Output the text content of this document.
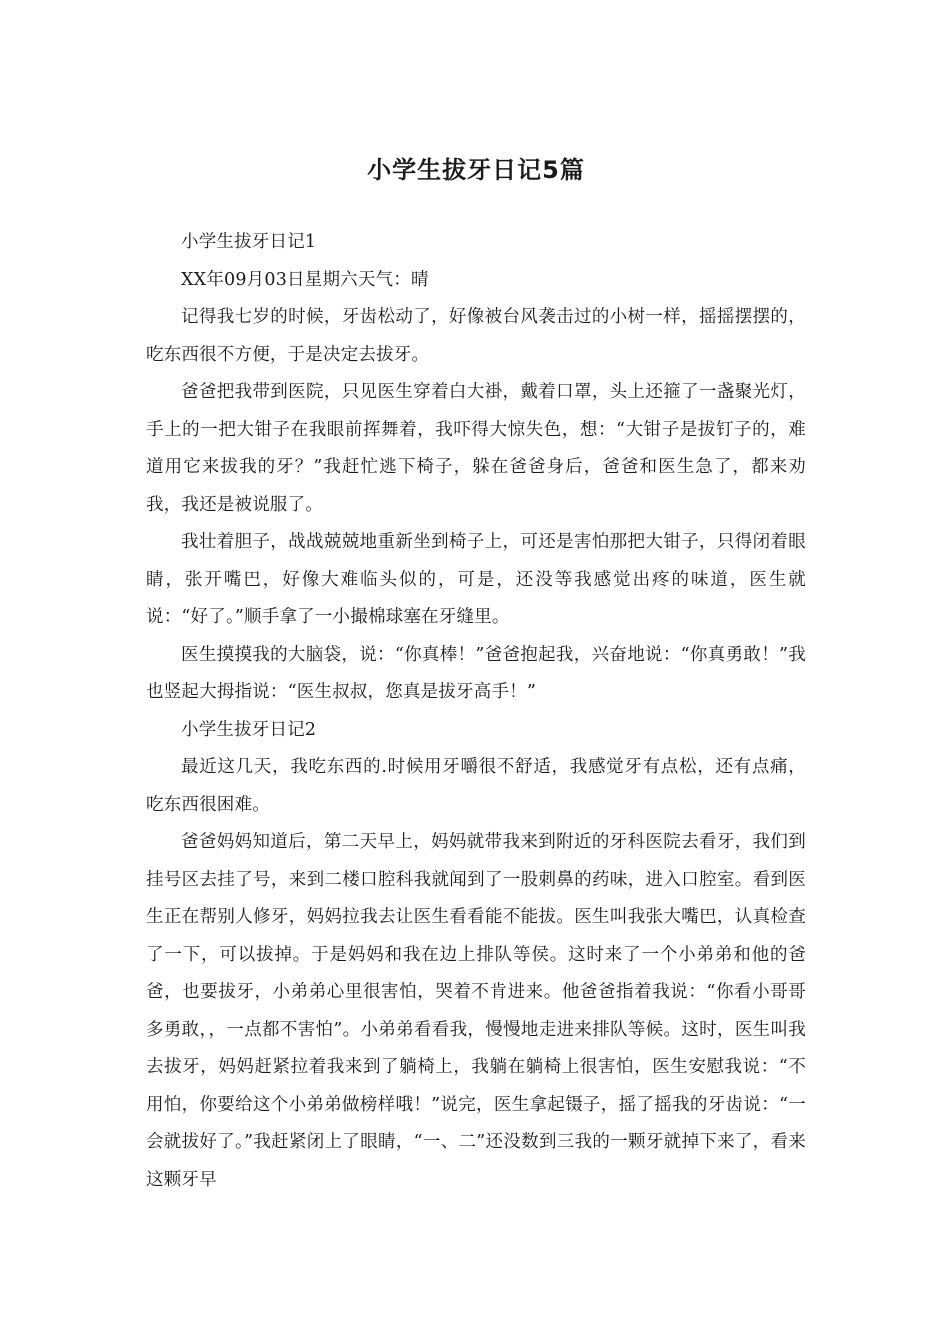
小学生拔牙日记5篇

小学生拔牙日记1

XX年09月03日星期六天气：晴

记得我七岁的时候，牙齿松动了，好像被台风袭击过的小树一样，摇摇摆摆的，吃东西很不方便，于是决定去拔牙。

爸爸把我带到医院，只见医生穿着白大褂，戴着口罩，头上还箍了一盏聚光灯，手上的一把大钳子在我眼前挥舞着，我吓得大惊失色，想：“大钳子是拔钉子的，难道用它来拔我的牙？”我赶忙逃下椅子，躲在爸爸身后，爸爸和医生急了，都来劝我，我还是被说服了。

我壮着胆子，战战兢兢地重新坐到椅子上，可还是害怕那把大钳子，只得闭着眼睛，张开嘴巴，好像大难临头似的，可是，还没等我感觉出疼的味道，医生就说：“好了。”顺手拿了一小撮棉球塞在牙缝里。

医生摸摸我的大脑袋，说：“你真棒！”爸爸抱起我，兴奋地说：“你真勇敢！”我也竖起大拇指说：“医生叔叔，您真是拔牙高手！”

小学生拔牙日记2

最近这几天，我吃东西的.时候用牙嚼很不舒适，我感觉牙有点松，还有点痛，吃东西很困难。

爸爸妈妈知道后，第二天早上，妈妈就带我来到附近的牙科医院去看牙，我们到挂号区去挂了号，来到二楼口腔科我就闻到了一股刺鼻的药味，进入口腔室。看到医生正在帮别人修牙，妈妈拉我去让医生看看能不能拔。医生叫我张大嘴巴，认真检查了一下，可以拔掉。于是妈妈和我在边上排队等侯。这时来了一个小弟弟和他的爸爸，也要拔牙，小弟弟心里很害怕，哭着不肯进来。他爸爸指着我说：“你看小哥哥多勇敢，，一点都不害怕”。小弟弟看看我，慢慢地走进来排队等候。这时，医生叫我去拔牙，妈妈赶紧拉着我来到了躺椅上，我躺在躺椅上很害怕，医生安慰我说：“不用怕，你要给这个小弟弟做榜样哦！”说完，医生拿起镊子，摇了摇我的牙齿说：“一会就拔好了。”我赶紧闭上了眼睛，“一、二”还没数到三我的一颗牙就掉下来了，看来这颗牙早
